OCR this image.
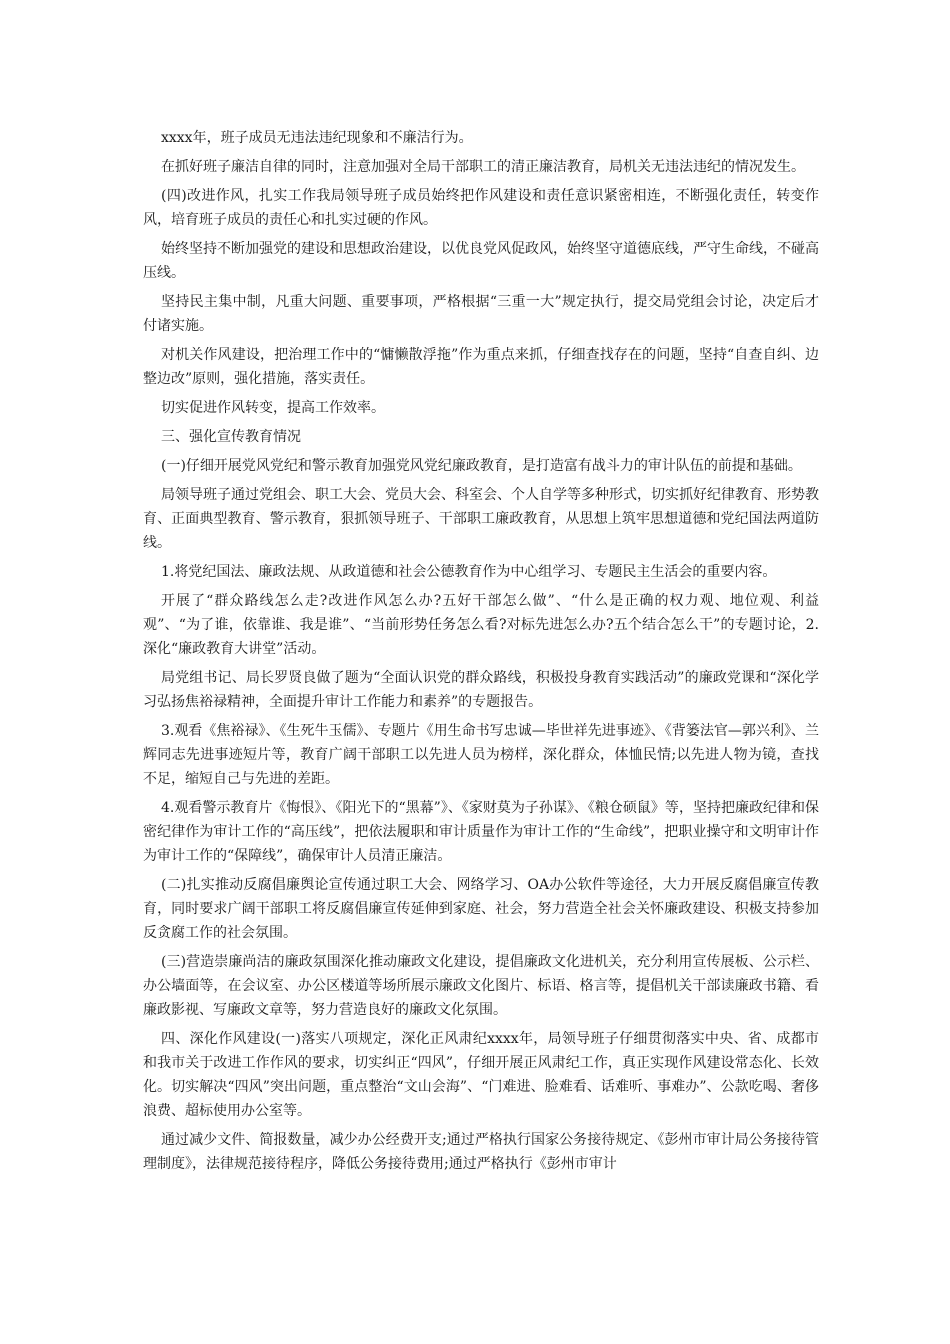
xxxx年，班子成员无违法违纪现象和不廉洁行为。

在抓好班子廉洁自律的同时，注意加强对全局干部职工的清正廉洁教育，局机关无违法违纪的情况发生。

(四)改进作风，扎实工作我局领导班子成员始终把作风建设和责任意识紧密相连，不断强化责任，转变作风，培育班子成员的责任心和扎实过硬的作风。

始终坚持不断加强党的建设和思想政治建设，以优良党风促政风，始终坚守道德底线，严守生命线，不碰高压线。

坚持民主集中制，凡重大问题、重要事项，严格根据“三重一大”规定执行，提交局党组会讨论，决定后才付诸实施。

对机关作风建设，把治理工作中的“慵懒散浮拖”作为重点来抓，仔细查找存在的问题，坚持“自查自纠、边整边改”原则，强化措施，落实责任。

切实促进作风转变，提高工作效率。

三、强化宣传教育情况

(一)仔细开展党风党纪和警示教育加强党风党纪廉政教育，是打造富有战斗力的审计队伍的前提和基础。

局领导班子通过党组会、职工大会、党员大会、科室会、个人自学等多种形式，切实抓好纪律教育、形势教育、正面典型教育、警示教育，狠抓领导班子、干部职工廉政教育，从思想上筑牢思想道德和党纪国法两道防线。

1.将党纪国法、廉政法规、从政道德和社会公德教育作为中心组学习、专题民主生活会的重要内容。

开展了“群众路线怎么走?改进作风怎么办?五好干部怎么做”、“什么是正确的权力观、地位观、利益观”、“为了谁，依靠谁、我是谁”、“当前形势任务怎么看?对标先进怎么办?五个结合怎么干”的专题讨论，2.深化“廉政教育大讲堂”活动。

局党组书记、局长罗贤良做了题为“全面认识党的群众路线，积极投身教育实践活动”的廉政党课和“深化学习弘扬焦裕禄精神，全面提升审计工作能力和素养”的专题报告。

3.观看《焦裕禄》、《生死牛玉儒》、专题片《用生命书写忠诚—毕世祥先进事迹》、《背篓法官—郭兴利》、兰辉同志先进事迹短片等，教育广阔干部职工以先进人员为榜样，深化群众，体恤民情;以先进人物为镜，查找不足，缩短自己与先进的差距。

4.观看警示教育片《悔恨》、《阳光下的“黑幕”》、《家财莫为子孙谋》、《粮仓硕鼠》等，坚持把廉政纪律和保密纪律作为审计工作的“高压线”，把依法履职和审计质量作为审计工作的“生命线”，把职业操守和文明审计作为审计工作的“保障线”，确保审计人员清正廉洁。

(二)扎实推动反腐倡廉舆论宣传通过职工大会、网络学习、OA办公软件等途径，大力开展反腐倡廉宣传教育，同时要求广阔干部职工将反腐倡廉宣传延伸到家庭、社会，努力营造全社会关怀廉政建设、积极支持参加反贪腐工作的社会氛围。

(三)营造崇廉尚洁的廉政氛围深化推动廉政文化建设，提倡廉政文化进机关，充分利用宣传展板、公示栏、办公墙面等，在会议室、办公区楼道等场所展示廉政文化图片、标语、格言等，提倡机关干部读廉政书籍、看廉政影视、写廉政文章等，努力营造良好的廉政文化氛围。

四、深化作风建设(一)落实八项规定，深化正风肃纪xxxx年，局领导班子仔细贯彻落实中央、省、成都市和我市关于改进工作作风的要求，切实纠正“四风”，仔细开展正风肃纪工作，真正实现作风建设常态化、长效化。切实解决“四风”突出问题，重点整治“文山会海”、“门难进、脸难看、话难听、事难办”、公款吃喝、奢侈浪费、超标使用办公室等。

通过减少文件、简报数量，减少办公经费开支;通过严格执行国家公务接待规定、《彭州市审计局公务接待管理制度》，法律规范接待程序，降低公务接待费用;通过严格执行《彭州市审计
